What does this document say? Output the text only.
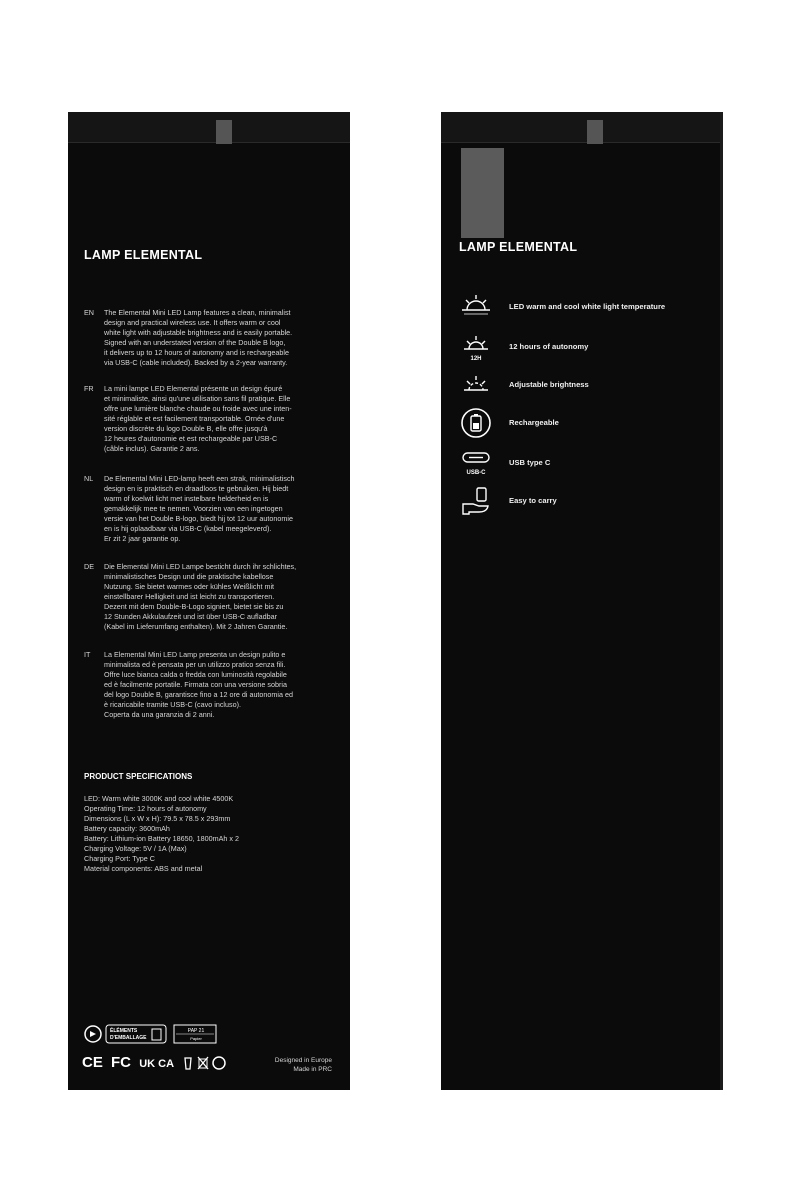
LAMP ELEMENTAL
EN	The Elemental Mini LED Lamp features a clean, minimalist
design and practical wireless use. It offers warm or cool
white light with adjustable brightness and is easily portable.
Signed with an understated version of the Double B logo,
it delivers up to 12 hours of autonomy and is rechargeable
via USB-C (cable included). Backed by a 2-year warranty.
FR	La mini lampe LED Elemental présente un design épuré
et minimaliste, ainsi qu'une utilisation sans fil pratique. Elle
offre une lumière blanche chaude ou froide avec une inten-
sité réglable et est facilement transportable. Ornée d'une
version discrète du logo Double B, elle offre jusqu'à
12 heures d'autonomie et est rechargeable par USB-C
(câble inclus). Garantie 2 ans.
NL	De Elemental Mini LED-lamp heeft een strak, minimalistisch
design en is praktisch en draadloos te gebruiken. Hij biedt
warm of koelwit licht met instelbare helderheid en is
gemakkelijk mee te nemen. Voorzien van een ingetogen
versie van het Double B-logo, biedt hij tot 12 uur autonomie
en is hij oplaadbaar via USB-C (kabel meegeleverd).
Er zit 2 jaar garantie op.
DE	Die Elemental Mini LED Lampe besticht durch ihr schlichtes,
minimalistisches Design und die praktische kabellose
Nutzung. Sie bietet warmes oder kühles Weißlicht mit
einstellbarer Helligkeit und ist leicht zu transportieren.
Dezent mit dem Double-B-Logo signiert, bietet sie bis zu
12 Stunden Akkulaufzeit und ist über USB-C aufladbar
(Kabel im Lieferumfang enthalten). Mit 2 Jahren Garantie.
IT	La Elemental Mini LED Lamp presenta un design pulito e
minimalista ed è pensata per un utilizzo pratico senza fili.
Offre luce bianca calda o fredda con luminosità regolabile
ed è facilmente portatile. Firmata con una versione sobria
del logo Double B, garantisce fino a 12 ore di autonomia ed
è ricaricabile tramite USB-C (cavo incluso).
Coperta da una garanzia di 2 anni.
PRODUCT SPECIFICATIONS
LED: Warm white 3000K and cool white 4500K
Operating Time: 12 hours of autonomy
Dimensions (L x W x H): 79.5 x 78.5 x 293mm
Battery capacity: 3600mAh
Battery: Lithium-ion Battery 18650, 1800mAh x 2
Charging Voltage: 5V / 1A (Max)
Charging Port: Type C
Material components: ABS and metal
ÉLÉMENTS
D'EMBALLAGE
PAP 21
Papier
CE FC UK CA	Designed in Europe
Made in PRC
LAMP ELEMENTAL
LED warm and cool white light temperature
12H
12 hours of autonomy
Adjustable brightness
Rechargeable
USB-C
USB type C
Easy to carry
